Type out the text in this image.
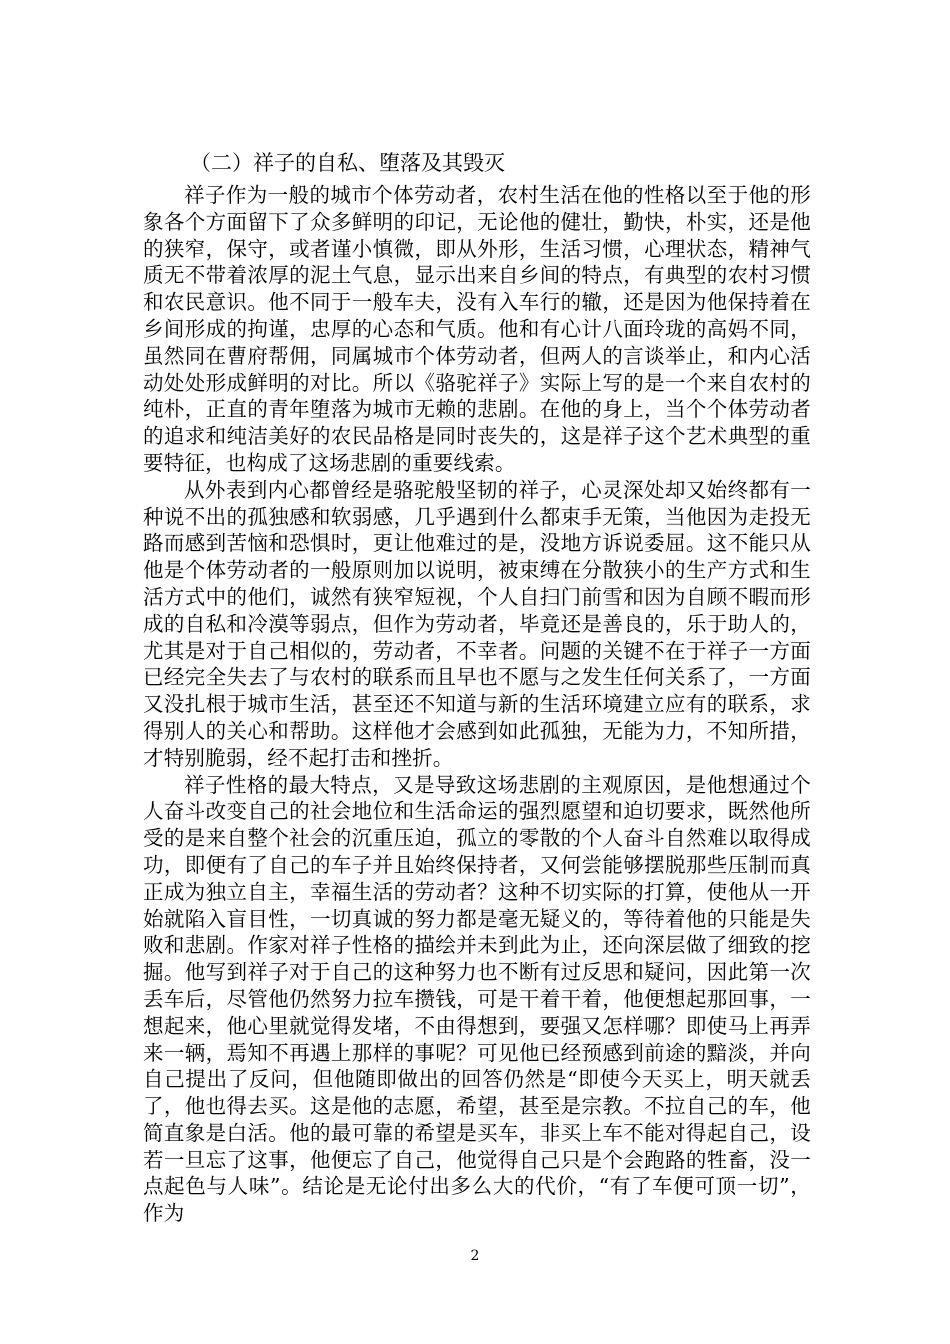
（二）祥子的自私、堕落及其毁灭

祥子作为一般的城市个体劳动者，农村生活在他的性格以至于他的形象各个方面留下了众多鲜明的印记，无论他的健壮，勤快，朴实，还是他的狭窄，保守，或者谨小慎微，即从外形，生活习惯，心理状态，精神气质无不带着浓厚的泥土气息，显示出来自乡间的特点，有典型的农村习惯和农民意识。他不同于一般车夫，没有入车行的辙，还是因为他保持着在乡间形成的拘谨，忠厚的心态和气质。他和有心计八面玲珑的高妈不同，虽然同在曹府帮佣，同属城市个体劳动者，但两人的言谈举止，和内心活动处处形成鲜明的对比。所以《骆驼祥子》实际上写的是一个来自农村的纯朴，正直的青年堕落为城市无赖的悲剧。在他的身上，当个个体劳动者的追求和纯洁美好的农民品格是同时丧失的，这是祥子这个艺术典型的重要特征，也构成了这场悲剧的重要线索。

从外表到内心都曾经是骆驼般坚韧的祥子，心灵深处却又始终都有一种说不出的孤独感和软弱感，几乎遇到什么都束手无策，当他因为走投无路而感到苦恼和恐惧时，更让他难过的是，没地方诉说委屈。这不能只从他是个体劳动者的一般原则加以说明，被束缚在分散狭小的生产方式和生活方式中的他们，诚然有狭窄短视，个人自扫门前雪和因为自顾不暇而形成的自私和冷漠等弱点，但作为劳动者，毕竟还是善良的，乐于助人的，尤其是对于自己相似的，劳动者，不幸者。问题的关键不在于祥子一方面已经完全失去了与农村的联系而且早也不愿与之发生任何关系了，一方面又没扎根于城市生活，甚至还不知道与新的生活环境建立应有的联系，求得别人的关心和帮助。这样他才会感到如此孤独，无能为力，不知所措，才特别脆弱，经不起打击和挫折。

祥子性格的最大特点，又是导致这场悲剧的主观原因，是他想通过个人奋斗改变自己的社会地位和生活命运的强烈愿望和迫切要求，既然他所受的是来自整个社会的沉重压迫，孤立的零散的个人奋斗自然难以取得成功，即便有了自己的车子并且始终保持者，又何尝能够摆脱那些压制而真正成为独立自主，幸福生活的劳动者？这种不切实际的打算，使他从一开始就陷入盲目性，一切真诚的努力都是毫无疑义的，等待着他的只能是失败和悲剧。作家对祥子性格的描绘并未到此为止，还向深层做了细致的挖掘。他写到祥子对于自己的这种努力也不断有过反思和疑问，因此第一次丢车后，尽管他仍然努力拉车攒钱，可是干着干着，他便想起那回事，一想起来，他心里就觉得发堵，不由得想到，要强又怎样哪？即使马上再弄来一辆，焉知不再遇上那样的事呢？可见他已经预感到前途的黯淡，并向自己提出了反问，但他随即做出的回答仍然是“即使今天买上，明天就丢了，他也得去买。这是他的志愿，希望，甚至是宗教。不拉自己的车，他简直象是白活。他的最可靠的希望是买车，非买上车不能对得起自己，设若一旦忘了这事，他便忘了自己，他觉得自己只是个会跑路的牲畜，没一点起色与人味”。结论是无论付出多么大的代价，“有了车便可顶一切”，作为

2
